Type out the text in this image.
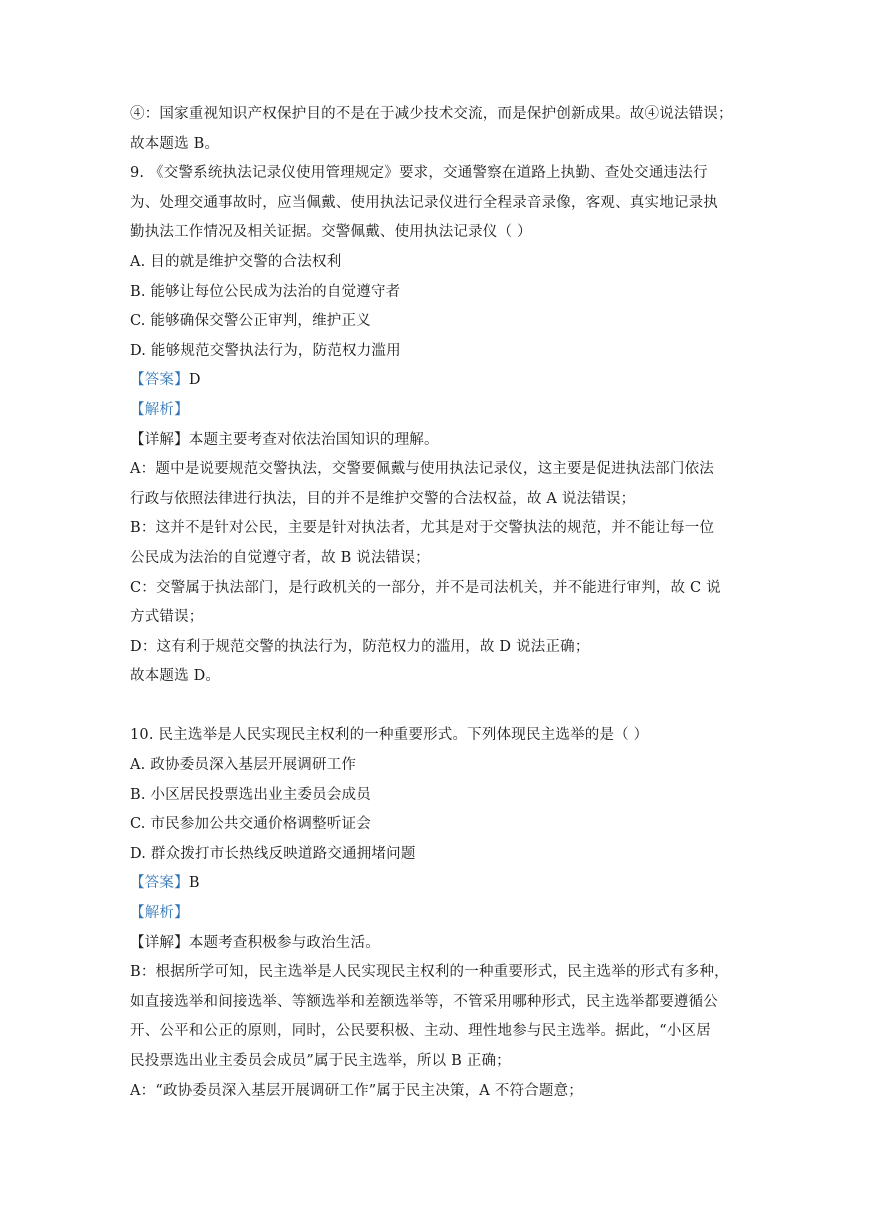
④：国家重视知识产权保护目的不是在于减少技术交流，而是保护创新成果。故④说法错误；
故本题选 B。
9. 《交警系统执法记录仪使用管理规定》要求，交通警察在道路上执勤、查处交通违法行
为、处理交通事故时，应当佩戴、使用执法记录仪进行全程录音录像，客观、真实地记录执
勤执法工作情况及相关证据。交警佩戴、使用执法记录仪（ ）
A. 目的就是维护交警的合法权利
B. 能够让每位公民成为法治的自觉遵守者
C. 能够确保交警公正审判，维护正义
D. 能够规范交警执法行为，防范权力滥用
【答案】D
【解析】
【详解】本题主要考查对依法治国知识的理解。
A：题中是说要规范交警执法，交警要佩戴与使用执法记录仪，这主要是促进执法部门依法
行政与依照法律进行执法，目的并不是维护交警的合法权益，故 A 说法错误；
B：这并不是针对公民，主要是针对执法者，尤其是对于交警执法的规范，并不能让每一位
公民成为法治的自觉遵守者，故 B 说法错误；
C：交警属于执法部门，是行政机关的一部分，并不是司法机关，并不能进行审判，故 C 说
方式错误；
D：这有利于规范交警的执法行为，防范权力的滥用，故 D 说法正确；
故本题选 D。
10. 民主选举是人民实现民主权利的一种重要形式。下列体现民主选举的是（ ）
A. 政协委员深入基层开展调研工作
B. 小区居民投票选出业主委员会成员
C. 市民参加公共交通价格调整听证会
D. 群众拨打市长热线反映道路交通拥堵问题
【答案】B
【解析】
【详解】本题考查积极参与政治生活。
B：根据所学可知，民主选举是人民实现民主权利的一种重要形式，民主选举的形式有多种，
如直接选举和间接选举、等额选举和差额选举等，不管采用哪种形式，民主选举都要遵循公
开、公平和公正的原则，同时，公民要积极、主动、理性地参与民主选举。据此，“小区居
民投票选出业主委员会成员”属于民主选举，所以 B 正确；
A：“政协委员深入基层开展调研工作”属于民主决策，A 不符合题意；
